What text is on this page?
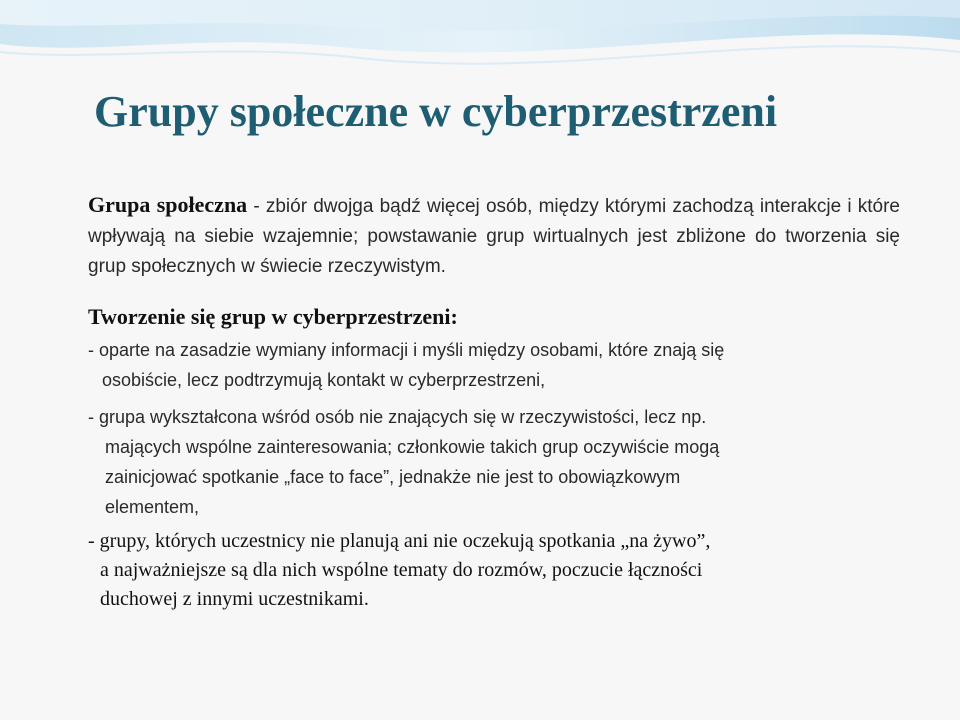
Grupy społeczne w cyberprzestrzeni

Grupa społeczna - zbiór dwojga bądź więcej osób, między którymi zachodzą interakcje i które wpływają na siebie wzajemnie; powstawanie grup wirtualnych jest zbliżone do tworzenia się grup społecznych w świecie rzeczywistym.

Tworzenie się grup w cyberprzestrzeni:

- oparte na zasadzie wymiany informacji i myśli między osobami, które znają się
osobiście, lecz podtrzymują kontakt w cyberprzestrzeni,

- grupa wykształcona wśród osób nie znających się w rzeczywistości, lecz np.
mających wspólne zainteresowania; członkowie takich grup oczywiście mogą
zainicjować spotkanie „face to face”, jednakże nie jest to obowiązkowym
elementem,

- grupy, których uczestnicy nie planują ani nie oczekują spotkania „na żywo”,
a najważniejsze są dla nich wspólne tematy do rozmów, poczucie łączności
duchowej z innymi uczestnikami.
